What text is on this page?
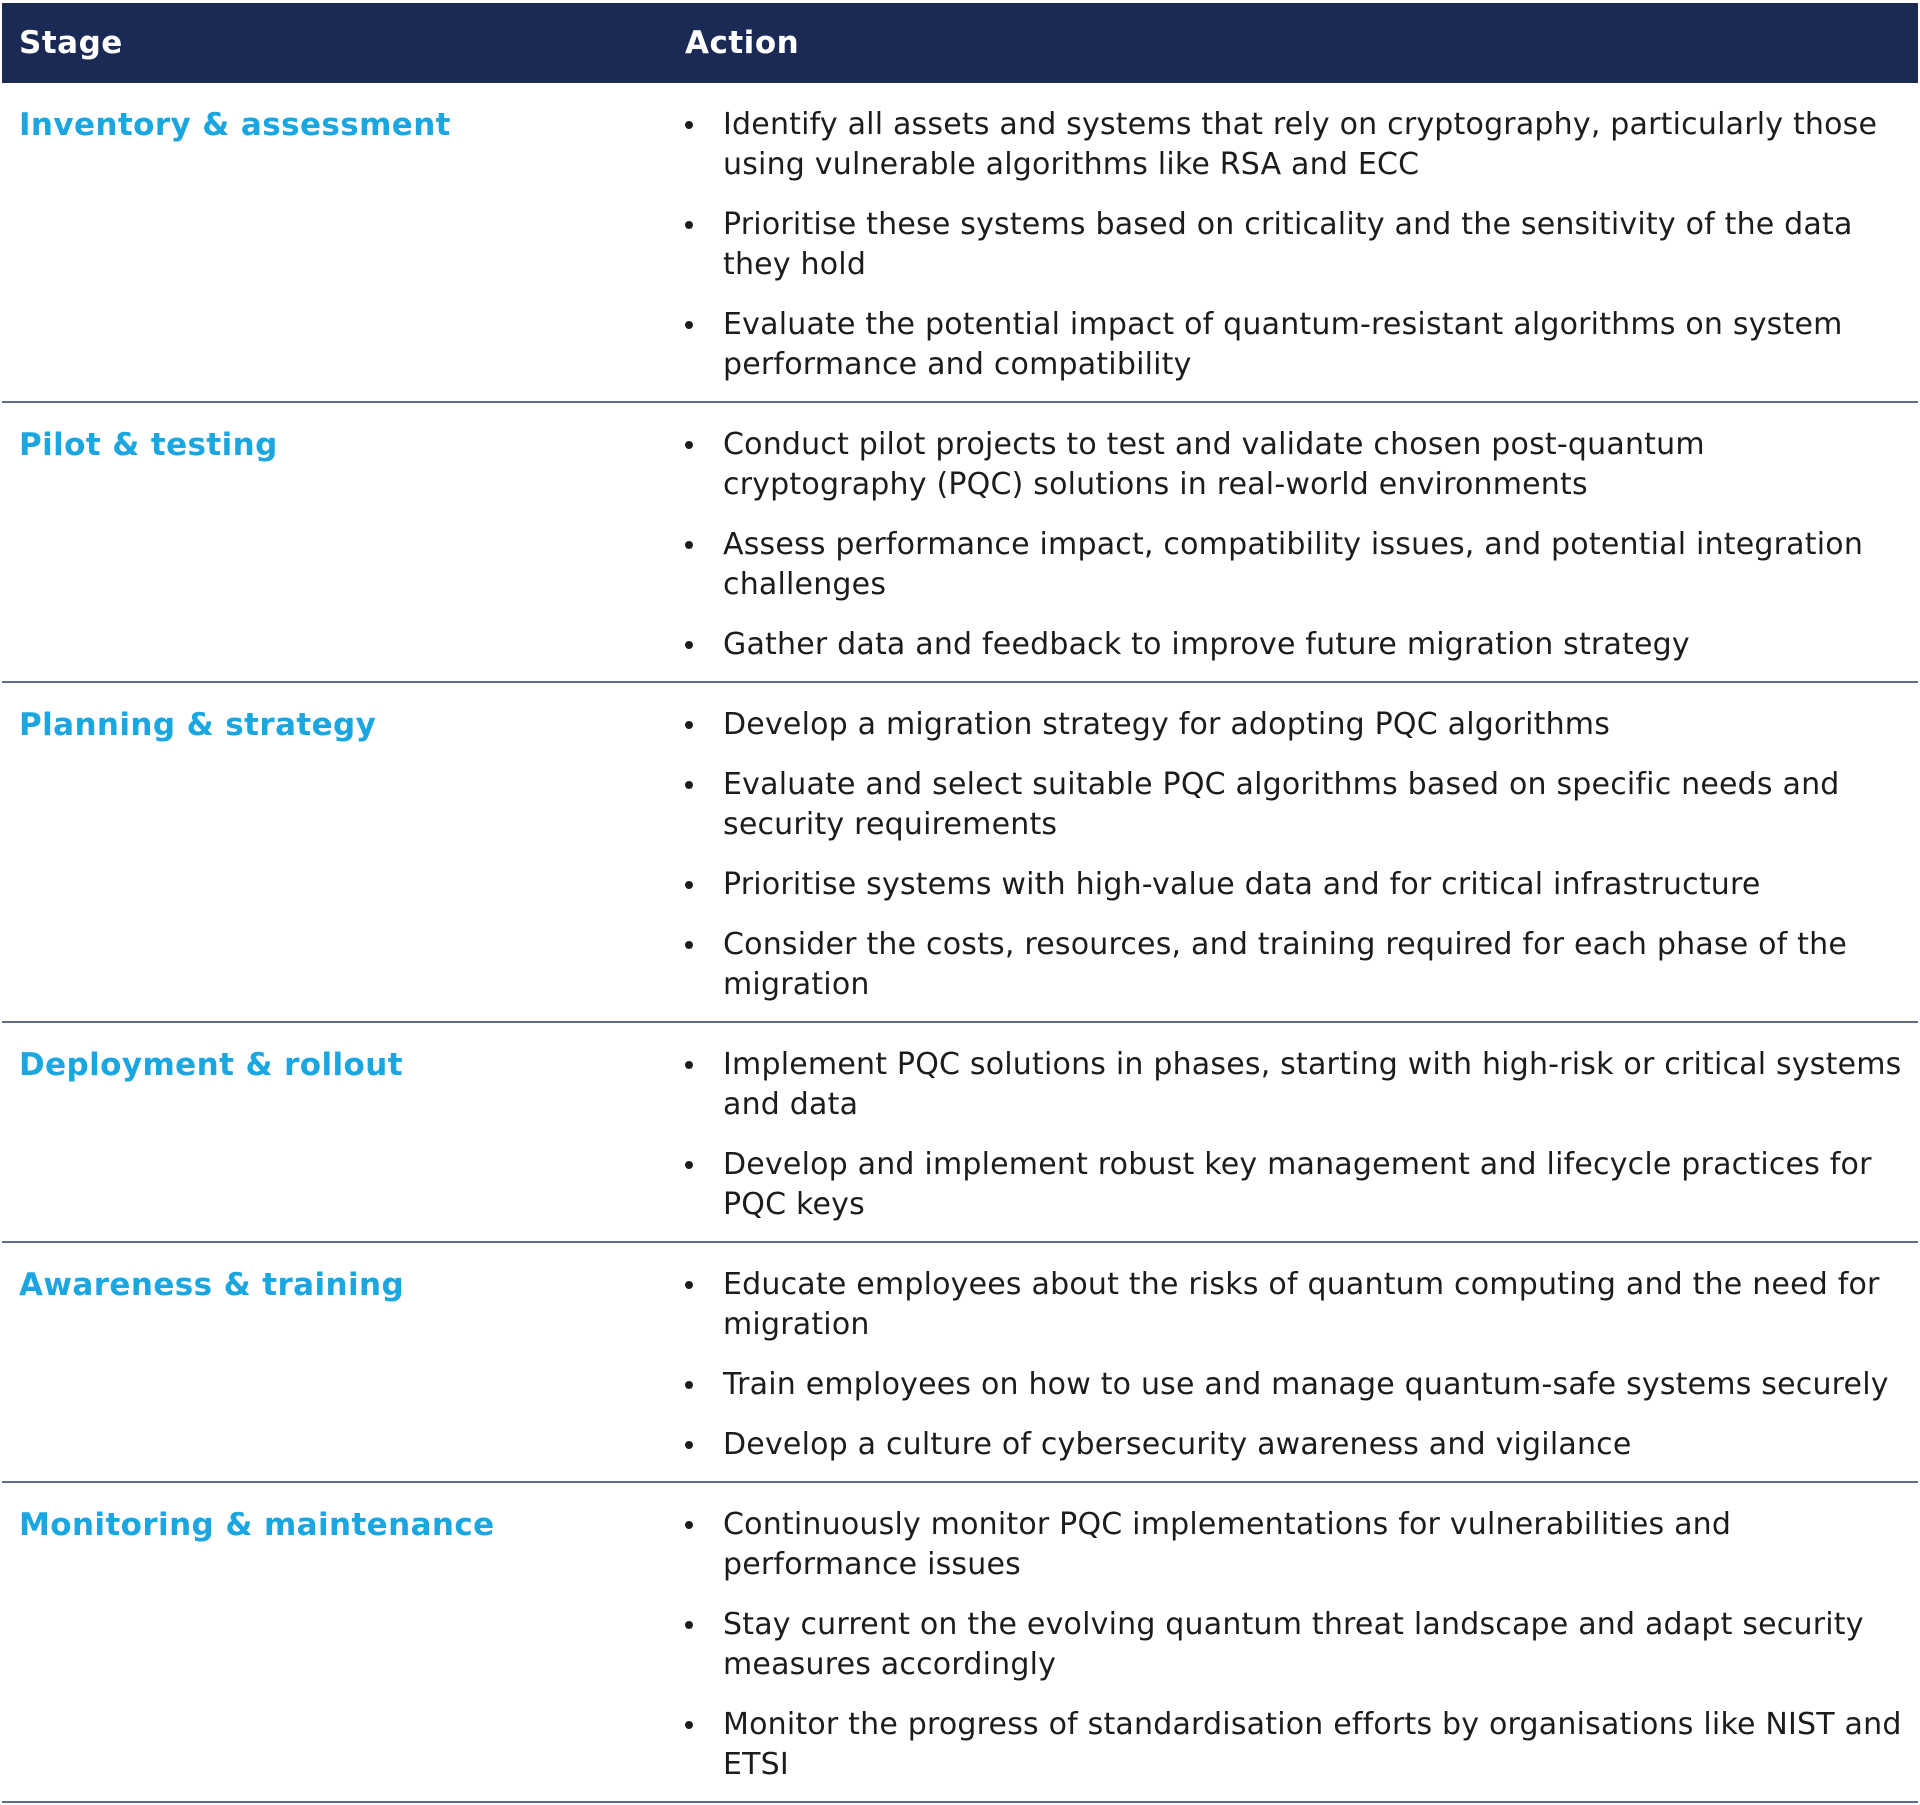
Stage	Action
Inventory & assessment	Identify all assets and systems that rely on cryptography, particularly those using vulnerable algorithms like RSA and ECC
Prioritise these systems based on criticality and the sensitivity of the data they hold
Evaluate the potential impact of quantum-resistant algorithms on system performance and compatibility
Pilot & testing	Conduct pilot projects to test and validate chosen post-quantum cryptography (PQC) solutions in real-world environments
Assess performance impact, compatibility issues, and potential integration challenges
Gather data and feedback to improve future migration strategy
Planning & strategy	Develop a migration strategy for adopting PQC algorithms
Evaluate and select suitable PQC algorithms based on specific needs and security requirements
Prioritise systems with high-value data and for critical infrastructure
Consider the costs, resources, and training required for each phase of the migration
Deployment & rollout	Implement PQC solutions in phases, starting with high-risk or critical systems and data
Develop and implement robust key management and lifecycle practices for PQC keys
Awareness & training	Educate employees about the risks of quantum computing and the need for migration
Train employees on how to use and manage quantum-safe systems securely
Develop a culture of cybersecurity awareness and vigilance
Monitoring & maintenance	Continuously monitor PQC implementations for vulnerabilities and performance issues
Stay current on the evolving quantum threat landscape and adapt security measures accordingly
Monitor the progress of standardisation efforts by organisations like NIST and ETSI
